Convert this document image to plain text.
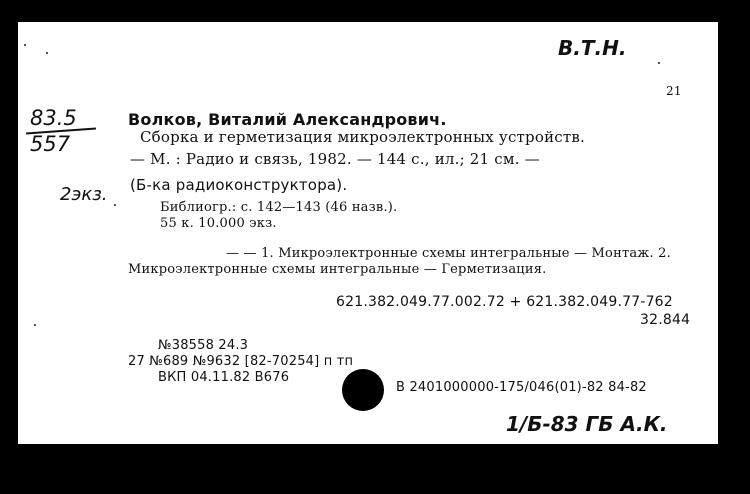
В.Т.Н.
21
83.5
557
2экз.
Волков, Виталий Александрович.
Сборка и герметизация микроэлектронных устройств.
— М. : Радио и связь, 1982. — 144 с., ил.; 21 см. —
(Б-ка радиоконструктора).
Библиогр.: с. 142—143 (46 назв.).
55 к. 10.000 экз.
— — 1. Микроэлектронные схемы интегральные — Монтаж. 2.
Микроэлектронные схемы интегральные — Герметизация.
621.382.049.77.002.72 + 621.382.049.77-762
32.844
№38558 24.3
27 №689 №9632 [82-70254] п тп
ВКП 04.11.82 В676
В 2401000000-175/046(01)-82 84-82
1/Б-83 ГБ А.К.
